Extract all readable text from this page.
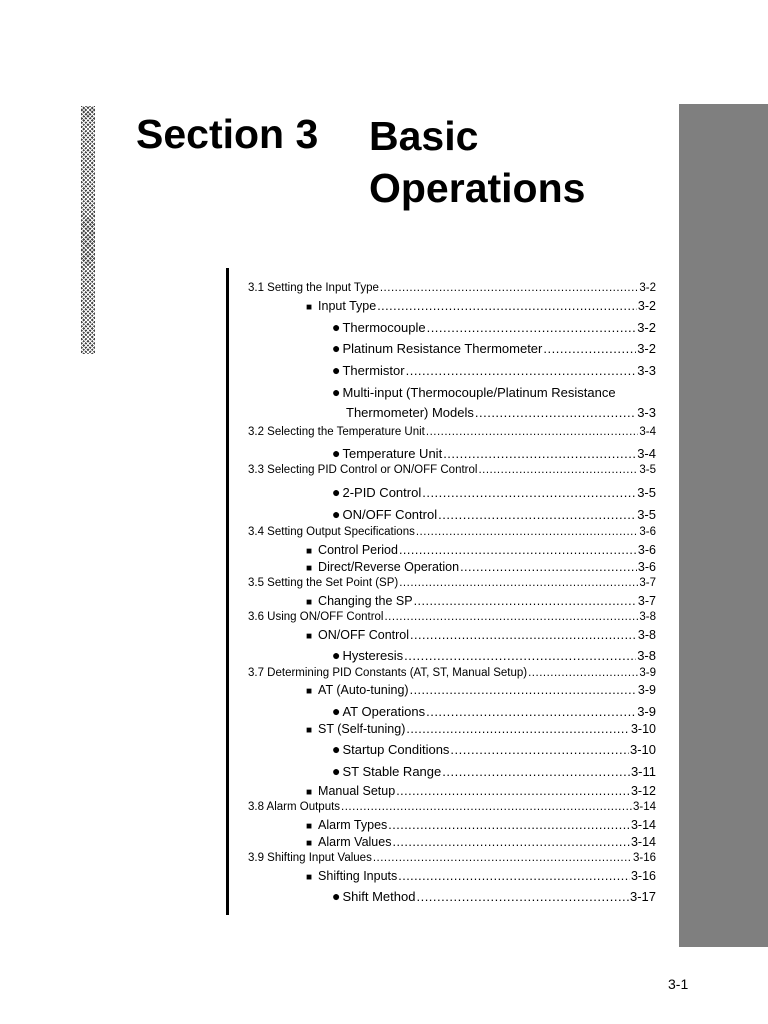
Section 3 Basic Operations
3.1 Setting the Input Type .....	3-2
■ Input Type .....	3-2
● Thermocouple .....	3-2
● Platinum Resistance Thermometer .....	3-2
● Thermistor .....	3-3
● Multi-input (Thermocouple/Platinum Resistance
Thermometer) Models .....	3-3
3.2 Selecting the Temperature Unit .....	3-4
● Temperature Unit .....	3-4
3.3 Selecting PID Control or ON/OFF Control .....	3-5
● 2-PID Control .....	3-5
● ON/OFF Control .....	3-5
3.4 Setting Output Specifications .....	3-6
■ Control Period .....	3-6
■ Direct/Reverse Operation .....	3-6
3.5 Setting the Set Point (SP) .....	3-7
■ Changing the SP .....	3-7
3.6 Using ON/OFF Control .....	3-8
■ ON/OFF Control .....	3-8
● Hysteresis .....	3-8
3.7 Determining PID Constants (AT, ST, Manual Setup) .....	3-9
■ AT (Auto-tuning) .....	3-9
● AT Operations .....	3-9
■ ST (Self-tuning) .....	3-10
● Startup Conditions .....	3-10
● ST Stable Range .....	3-11
■ Manual Setup .....	3-12
3.8 Alarm Outputs .....	3-14
■ Alarm Types .....	3-14
■ Alarm Values .....	3-14
3.9 Shifting Input Values .....	3-16
■ Shifting Inputs .....	3-16
● Shift Method .....	3-17
3-1
